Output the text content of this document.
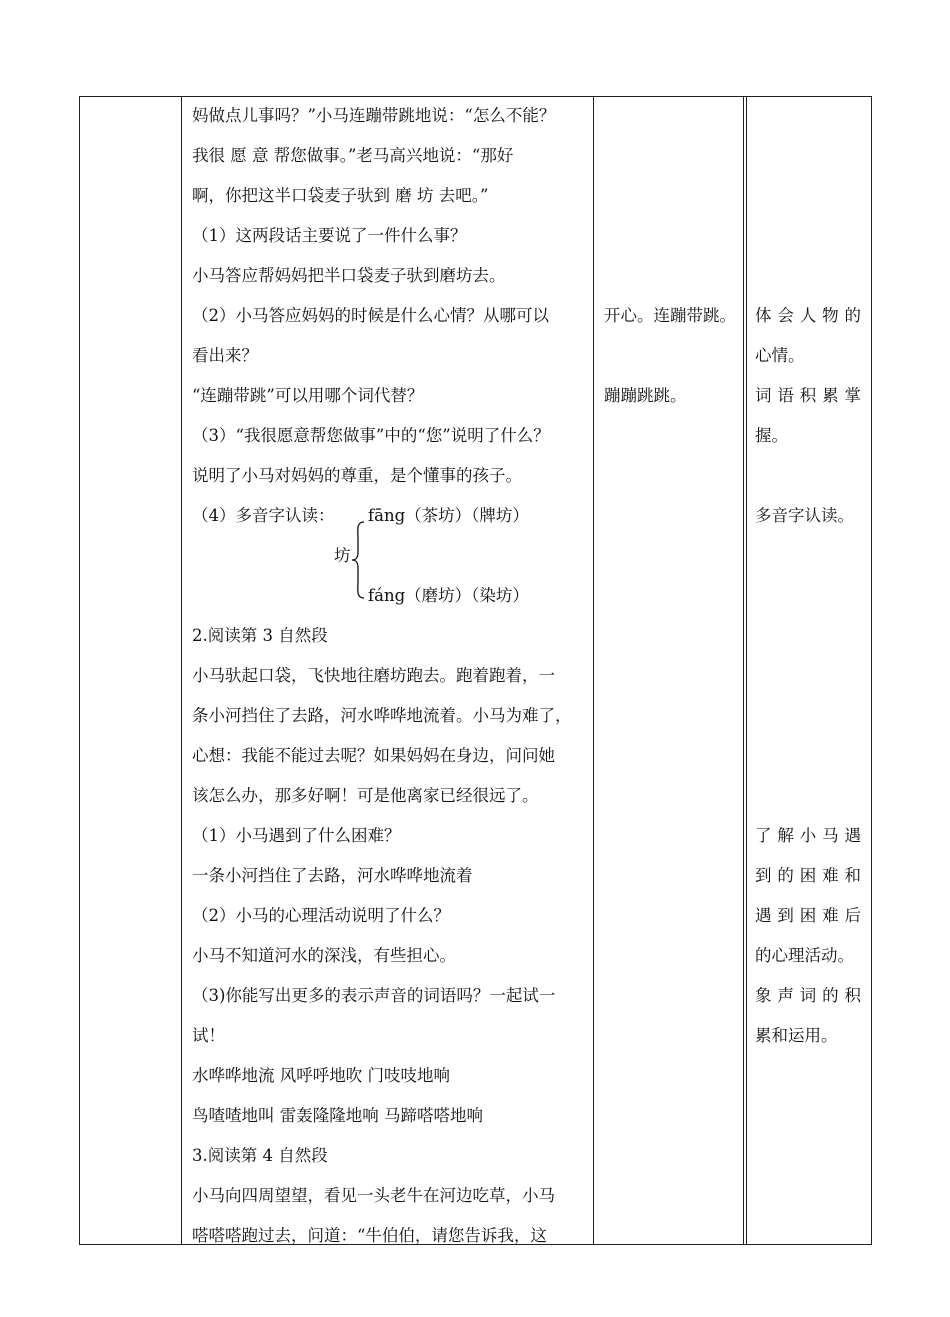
妈做点儿事吗？”小马连蹦带跳地说：“怎么不能？
我很 愿 意 帮您做事。”老马高兴地说：“那好
啊，你把这半口袋麦子驮到 磨 坊 去吧。”
（1）这两段话主要说了一件什么事？
小马答应帮妈妈把半口袋麦子驮到磨坊去。
（2）小马答应妈妈的时候是什么心情？从哪可以
看出来？
“连蹦带跳”可以用哪个词代替？
（3）“我很愿意帮您做事”中的“您”说明了什么？
说明了小马对妈妈的尊重，是个懂事的孩子。
（4）多音字认读： fāng（茶坊）（牌坊）
坊
fáng（磨坊）（染坊）
2.阅读第 3 自然段
小马驮起口袋，飞快地往磨坊跑去。跑着跑着，一
条小河挡住了去路，河水哗哗地流着。小马为难了，
心想：我能不能过去呢？如果妈妈在身边，问问她
该怎么办，那多好啊！可是他离家已经很远了。
（1）小马遇到了什么困难？
一条小河挡住了去路，河水哗哗地流着
（2）小马的心理活动说明了什么？
小马不知道河水的深浅，有些担心。
（3)你能写出更多的表示声音的词语吗？一起试一
试！
水哗哗地流 风呼呼地吹 门吱吱地响
鸟喳喳地叫 雷轰隆隆地响 马蹄嗒嗒地响
3.阅读第 4 自然段
小马向四周望望，看见一头老牛在河边吃草，小马
嗒嗒嗒跑过去，问道：“牛伯伯，请您告诉我，这
开心。连蹦带跳。
蹦蹦跳跳。
体会人物的
心情。
词语积累掌
握。
多音字认读。
了解小马遇
到的困难和
遇到困难后
的心理活动。
象声词的积
累和运用。
